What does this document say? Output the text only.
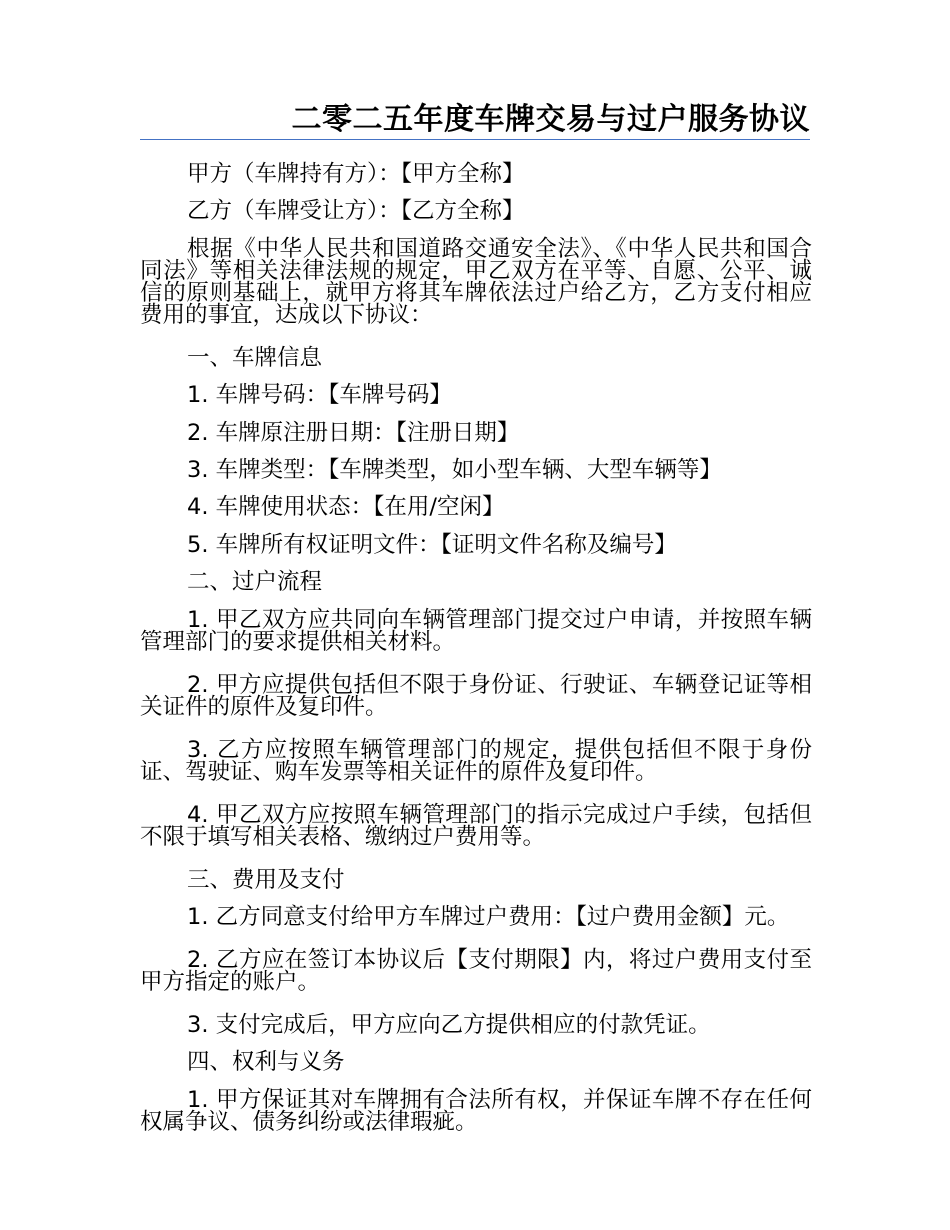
二零二五年度车牌交易与过户服务协议

甲方（车牌持有方）：【甲方全称】

乙方（车牌受让方）：【乙方全称】

根据《中华人民共和国道路交通安全法》、《中华人民共和国合同法》等相关法律法规的规定，甲乙双方在平等、自愿、公平、诚信的原则基础上，就甲方将其车牌依法过户给乙方，乙方支付相应费用的事宜，达成以下协议：

一、车牌信息

1. 车牌号码：【车牌号码】

2. 车牌原注册日期：【注册日期】

3. 车牌类型：【车牌类型，如小型车辆、大型车辆等】

4. 车牌使用状态：【在用/空闲】

5. 车牌所有权证明文件：【证明文件名称及编号】

二、过户流程

1. 甲乙双方应共同向车辆管理部门提交过户申请，并按照车辆管理部门的要求提供相关材料。

2. 甲方应提供包括但不限于身份证、行驶证、车辆登记证等相关证件的原件及复印件。

3. 乙方应按照车辆管理部门的规定，提供包括但不限于身份证、驾驶证、购车发票等相关证件的原件及复印件。

4. 甲乙双方应按照车辆管理部门的指示完成过户手续，包括但不限于填写相关表格、缴纳过户费用等。

三、费用及支付

1. 乙方同意支付给甲方车牌过户费用：【过户费用金额】元。

2. 乙方应在签订本协议后【支付期限】内，将过户费用支付至甲方指定的账户。

3. 支付完成后，甲方应向乙方提供相应的付款凭证。

四、权利与义务

1. 甲方保证其对车牌拥有合法所有权，并保证车牌不存在任何权属争议、债务纠纷或法律瑕疵。
